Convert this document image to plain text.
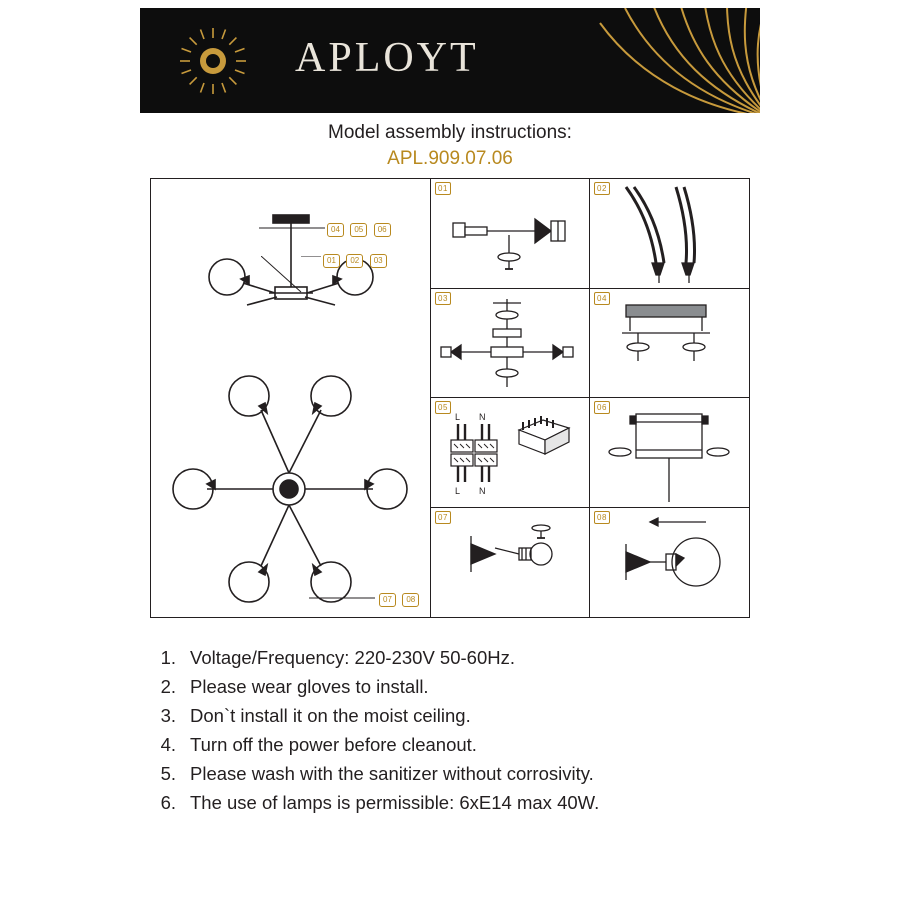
APLOYT
Model assembly instructions:
APL.909.07.06
04 05 06
01 02 03
07 08
01	02
03	04
05
L N
L N
06
07	08
1. Voltage/Frequency: 220-230V 50-60Hz.
2. Please wear gloves to install.
3. Don`t install it on the moist ceiling.
4. Turn off the power before cleanout.
5. Please wash with the sanitizer without corrosivity.
6. The use of lamps is permissible: 6xE14 max 40W.
